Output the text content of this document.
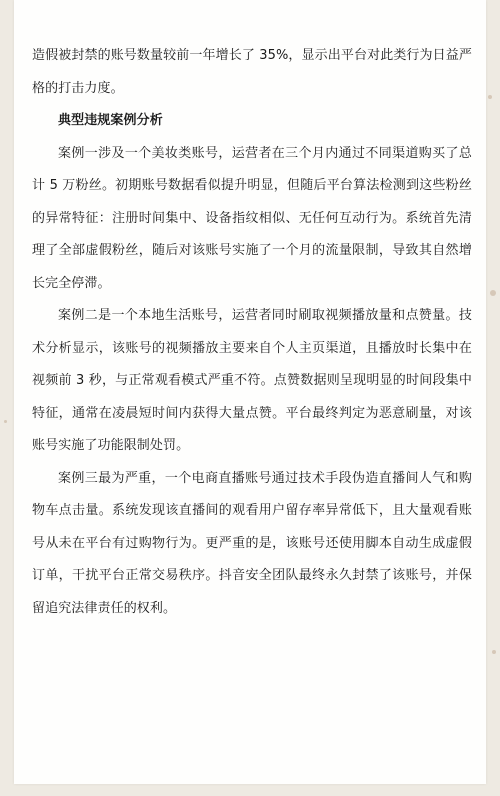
造假被封禁的账号数量较前一年增长了 35%，显示出平台对此类行为日益严格的打击力度。

典型违规案例分析

案例一涉及一个美妆类账号，运营者在三个月内通过不同渠道购买了总计 5 万粉丝。初期账号数据看似提升明显，但随后平台算法检测到这些粉丝的异常特征：注册时间集中、设备指纹相似、无任何互动行为。系统首先清理了全部虚假粉丝，随后对该账号实施了一个月的流量限制，导致其自然增长完全停滞。

案例二是一个本地生活账号，运营者同时刷取视频播放量和点赞量。技术分析显示，该账号的视频播放主要来自个人主页渠道，且播放时长集中在视频前 3 秒，与正常观看模式严重不符。点赞数据则呈现明显的时间段集中特征，通常在凌晨短时间内获得大量点赞。平台最终判定为恶意刷量，对该账号实施了功能限制处罚。

案例三最为严重，一个电商直播账号通过技术手段伪造直播间人气和购物车点击量。系统发现该直播间的观看用户留存率异常低下，且大量观看账号从未在平台有过购物行为。更严重的是，该账号还使用脚本自动生成虚假订单，干扰平台正常交易秩序。抖音安全团队最终永久封禁了该账号，并保留追究法律责任的权利。
